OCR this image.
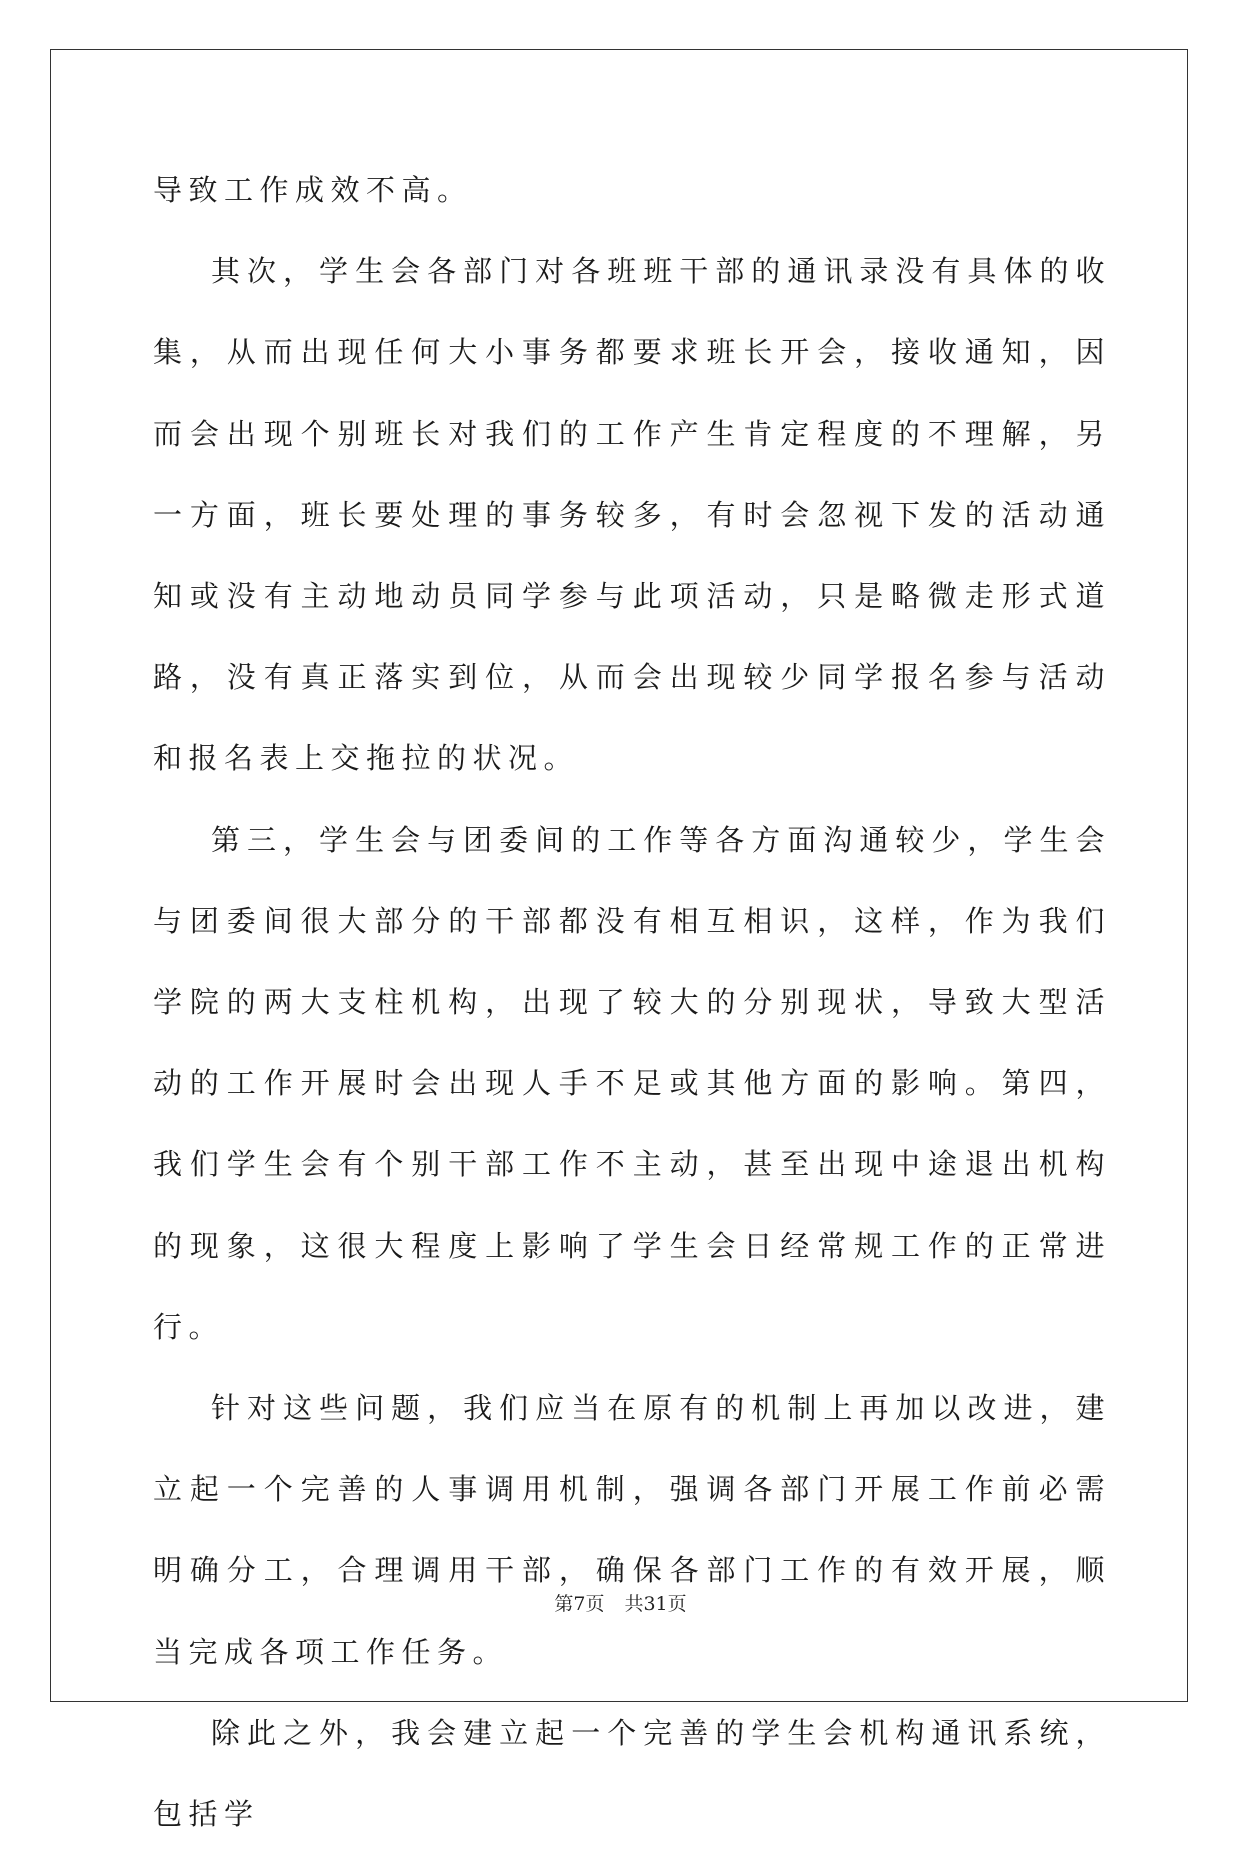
导致工作成效不高。

其次，学生会各部门对各班班干部的通讯录没有具体的收集，从而出现任何大小事务都要求班长开会，接收通知，因而会出现个别班长对我们的工作产生肯定程度的不理解，另一方面，班长要处理的事务较多，有时会忽视下发的活动通知或没有主动地动员同学参与此项活动，只是略微走形式道路，没有真正落实到位，从而会出现较少同学报名参与活动和报名表上交拖拉的状况。

第三，学生会与团委间的工作等各方面沟通较少，学生会与团委间很大部分的干部都没有相互相识，这样，作为我们学院的两大支柱机构，出现了较大的分别现状，导致大型活动的工作开展时会出现人手不足或其他方面的影响。第四，我们学生会有个别干部工作不主动，甚至出现中途退出机构的现象，这很大程度上影响了学生会日经常规工作的正常进行。

针对这些问题，我们应当在原有的机制上再加以改进，建立起一个完善的人事调用机制，强调各部门开展工作前必需明确分工，合理调用干部，确保各部门工作的有效开展，顺当完成各项工作任务。

除此之外，我会建立起一个完善的学生会机构通讯系统，包括学

第7页 共31页
